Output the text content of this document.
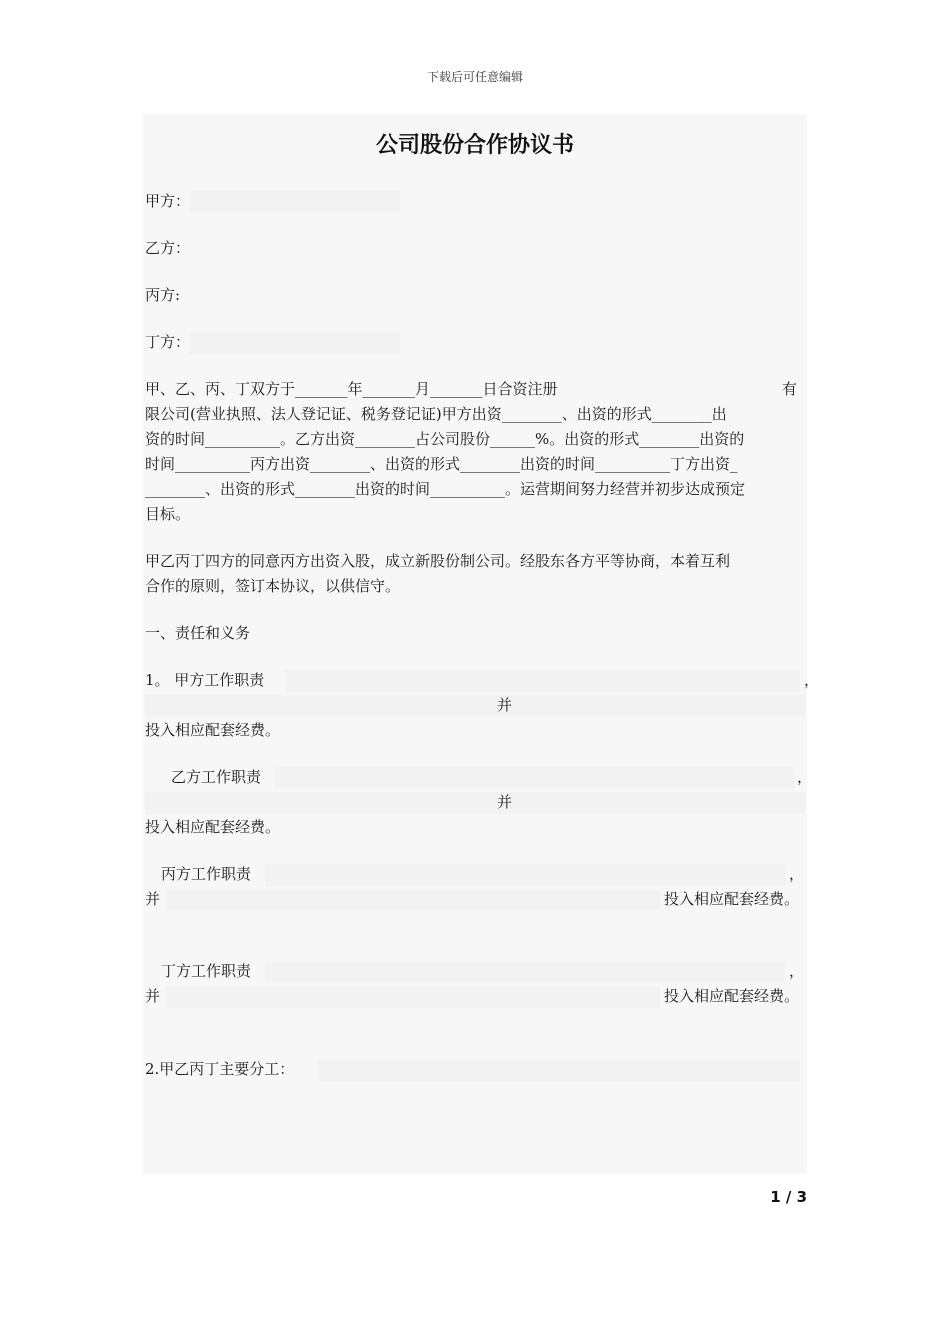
下载后可任意编辑
公司股份合作协议书
甲方：
乙方：
丙方:
丁方：
甲、乙、丙、丁双方于_______年_______月_______日合资注册	有

限公司(营业执照、法人登记证、税务登记证)甲方出资________、出资的形式________出

资的时间__________。乙方出资________占公司股份______%。出资的形式________出资的

时间__________丙方出资________、出资的形式________出资的时间__________丁方出资_

________、出资的形式________出资的时间__________。运营期间努力经营并初步达成预定

目标。

甲乙丙丁四方的同意丙方出资入股，成立新股份制公司。经股东各方平等协商，本着互利

合作的原则，签订本协议，以供信守。

一、责任和义务
1。 甲方工作职责	，
并
投入相应配套经费。
乙方工作职责	，
并
投入相应配套经费。
丙方工作职责	，
并	投入相应配套经费。
丁方工作职责	，
并	投入相应配套经费。
2.甲乙丙丁主要分工：
1 / 3
